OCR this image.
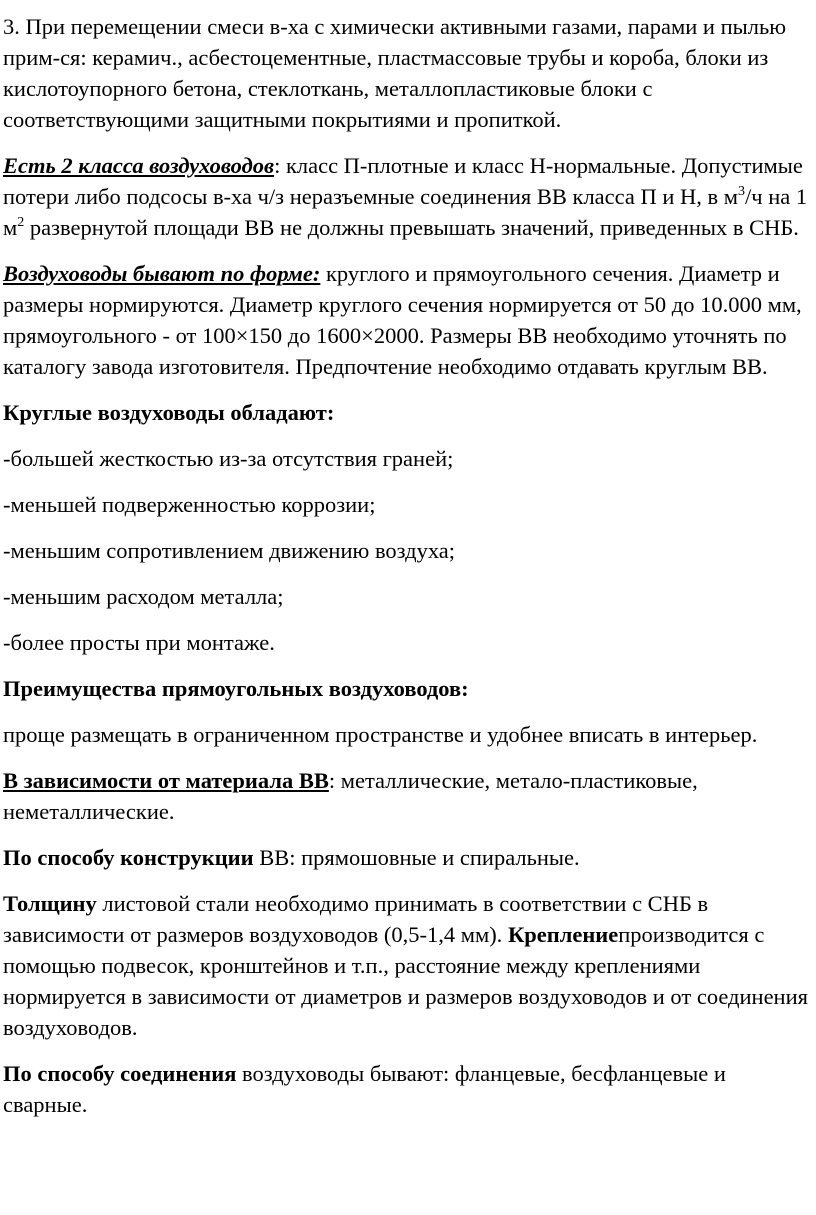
3. При перемещении смеси в-ха с химически активными газами, парами и пылью прим-ся: керамич., асбестоцементные, пластмассовые трубы и короба, блоки из кислотоупорного бетона, стеклоткань, металлопластиковые блоки с соответствующими защитными покрытиями и пропиткой.

Есть 2 класса воздуховодов: класс П-плотные и класс Н-нормальные. Допустимые потери либо подсосы в-ха ч/з неразъемные соединения ВВ класса П и Н, в $м^3/ч$ на 1 $м^2$ развернутой площади ВВ не должны превышать значений, приведенных в СНБ.

Воздуховоды бывают по форме: круглого и прямоугольного сечения. Диаметр и размеры нормируются. Диаметр круглого сечения нормируется от 50 до 10.000 мм, прямоугольного - от 100×150 до 1600×2000. Размеры ВВ необходимо уточнять по каталогу завода изготовителя. Предпочтение необходимо отдавать круглым ВВ.

Круглые воздуховоды обладают:

-большей жесткостью из-за отсутствия граней;

-меньшей подверженностью коррозии;

-меньшим сопротивлением движению воздуха;

-меньшим расходом металла;

-более просты при монтаже.

Преимущества прямоугольных воздуховодов:

проще размещать в ограниченном пространстве и удобнее вписать в интерьер.

В зависимости от материала ВВ: металлические, метало-пластиковые, неметаллические.

По способу конструкции ВВ: прямошовные и спиральные.

Толщину листовой стали необходимо принимать в соответствии с СНБ в зависимости от размеров воздуховодов (0,5-1,4 мм). Креплениепроизводится с помощью подвесок, кронштейнов и т.п., расстояние между креплениями нормируется в зависимости от диаметров и размеров воздуховодов и от соединения воздуховодов.

По способу соединения воздуховоды бывают: фланцевые, бесфланцевые и сварные.
